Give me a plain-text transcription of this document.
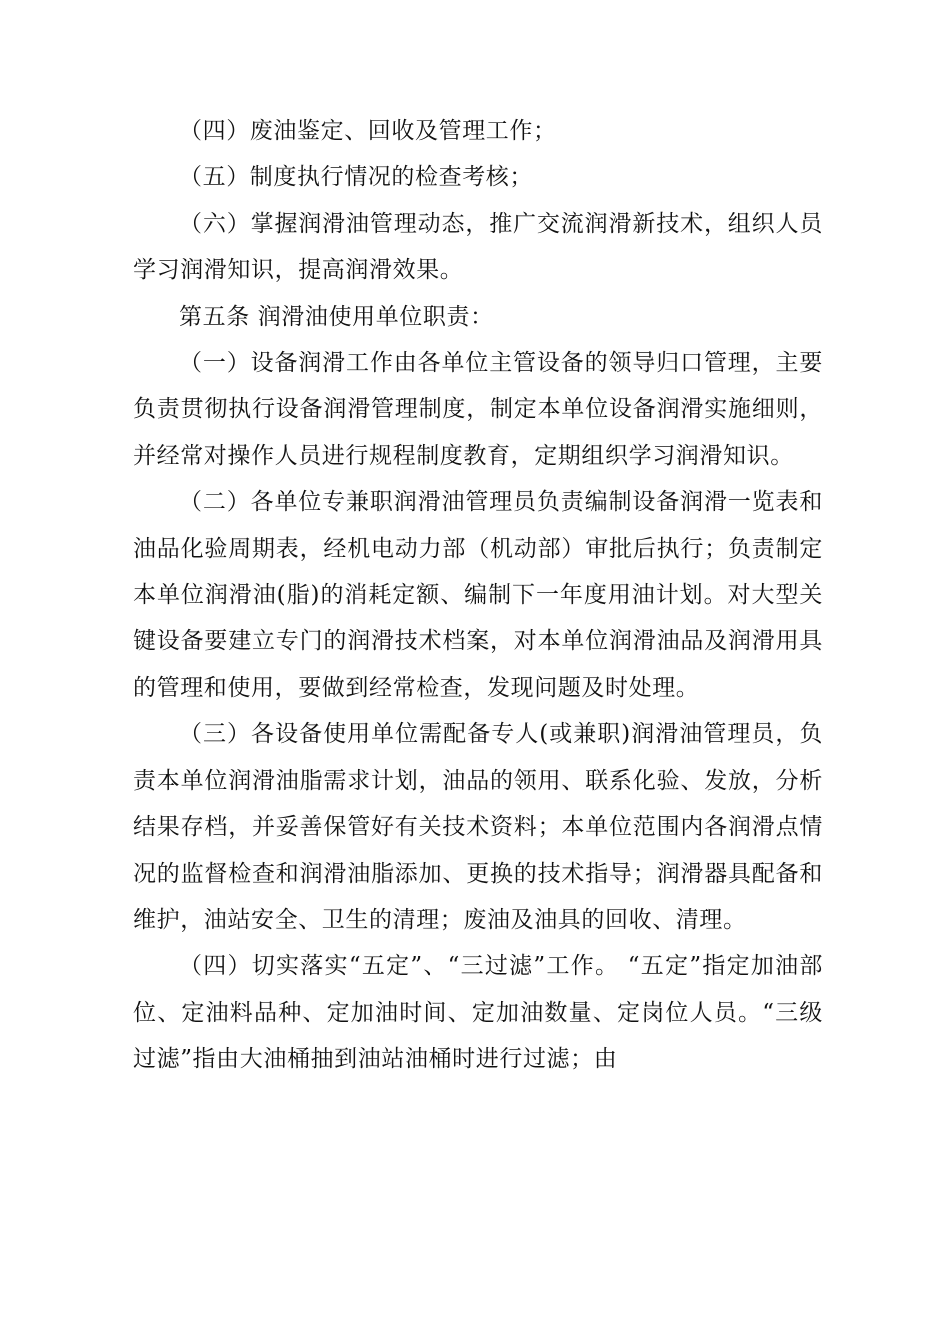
（四）废油鉴定、回收及管理工作；

（五）制度执行情况的检查考核；

（六）掌握润滑油管理动态，推广交流润滑新技术，组织人员学习润滑知识，提高润滑效果。

第五条 润滑油使用单位职责：

（一）设备润滑工作由各单位主管设备的领导归口管理，主要负责贯彻执行设备润滑管理制度，制定本单位设备润滑实施细则，并经常对操作人员进行规程制度教育，定期组织学习润滑知识。

（二）各单位专兼职润滑油管理员负责编制设备润滑一览表和油品化验周期表，经机电动力部（机动部）审批后执行；负责制定本单位润滑油(脂)的消耗定额、编制下一年度用油计划。对大型关键设备要建立专门的润滑技术档案，对本单位润滑油品及润滑用具的管理和使用，要做到经常检查，发现问题及时处理。

（三）各设备使用单位需配备专人(或兼职)润滑油管理员，负责本单位润滑油脂需求计划，油品的领用、联系化验、发放，分析结果存档，并妥善保管好有关技术资料；本单位范围内各润滑点情况的监督检查和润滑油脂添加、更换的技术指导；润滑器具配备和维护，油站安全、卫生的清理；废油及油具的回收、清理。

（四）切实落实“五定”、“三过滤”工作。 “五定”指定加油部位、定油料品种、定加油时间、定加油数量、定岗位人员。“三级过滤”指由大油桶抽到油站油桶时进行过滤；由
